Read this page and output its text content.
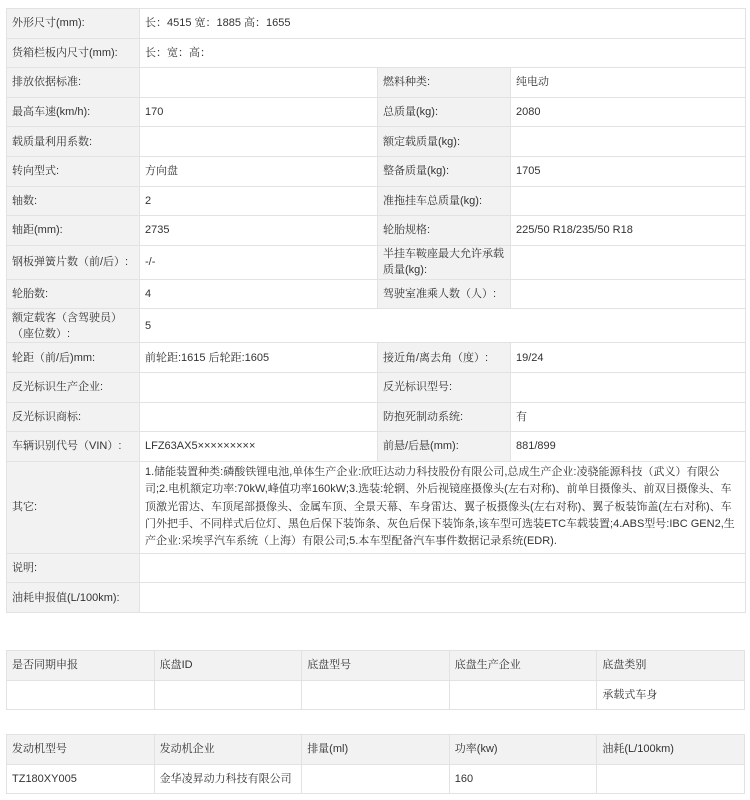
外形尺寸(mm):	长：4515 宽：1885 高：1655		
货箱栏板内尺寸(mm):	长：宽：高：		
排放依据标准:		燃料种类:	纯电动
最高车速(km/h):	170	总质量(kg):	2080
载质量利用系数:		额定载质量(kg):	
转向型式:	方向盘	整备质量(kg):	1705
轴数:	2	准拖挂车总质量(kg):	
轴距(mm):	2735	轮胎规格:	225/50 R18/235/50 R18
钢板弹簧片数（前/后）:	-/-	半挂车鞍座最大允许承载质量(kg):	
轮胎数:	4	驾驶室准乘人数（人）:	
额定载客（含驾驶员）（座位数）:	5		
轮距（前/后)mm:	前轮距:1615 后轮距:1605	接近角/离去角（度）:	19/24
反光标识生产企业:		反光标识型号:	
反光标识商标:		防抱死制动系统:	有
车辆识别代号（VIN）:	LFZ63AX5×××××××××	前悬/后悬(mm):	881/899
其它:	1.储能装置种类:磷酸铁锂电池,单体生产企业:欣旺达动力科技股份有限公司,总成生产企业:凌骁能源科技（武义）有限公司;2.电机额定功率:70kW,峰值功率160kW;3.选装:轮辋、外后视镜座摄像头(左右对称)、前单目摄像头、前双目摄像头、车顶激光雷达、车顶尾部摄像头、金属车顶、全景天幕、车身雷达、翼子板摄像头(左右对称)、翼子板装饰盖(左右对称)、车门外把手、不同样式后位灯、黑色后保下装饰条、灰色后保下装饰条,该车型可选装ETC车载装置;4.ABS型号:IBC GEN2,生产企业:采埃孚汽车系统（上海）有限公司;5.本车型配备汽车事件数据记录系统(EDR).		
说明:			
油耗申报值(L/100km):			
是否同期申报	底盘ID	底盘型号	底盘生产企业	底盘类别
				承载式车身
发动机型号	发动机企业	排量(ml)	功率(kw)	油耗(L/100km)
TZ180XY005	金华凌昇动力科技有限公司		160	
